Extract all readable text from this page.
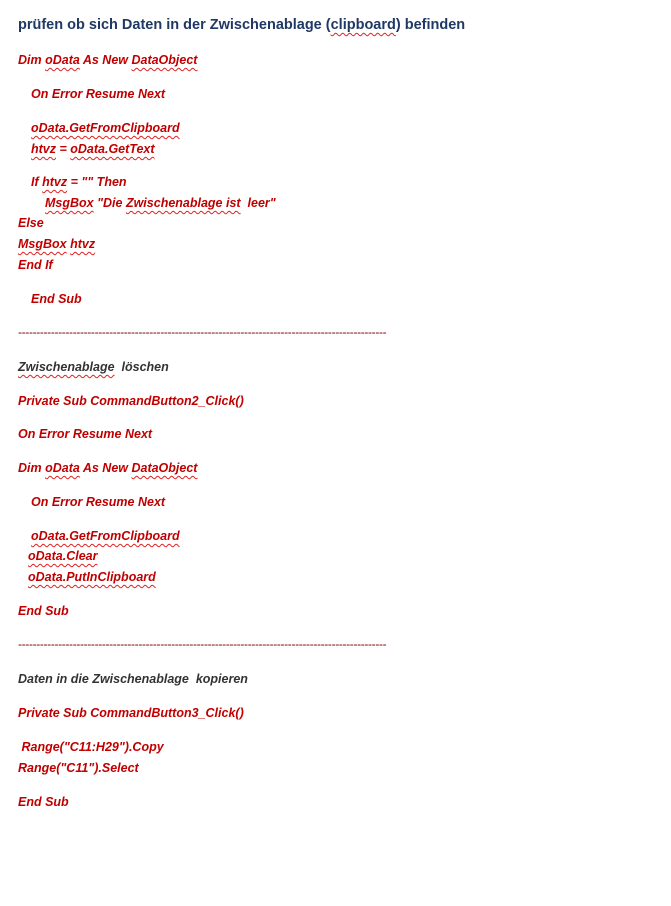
prüfen ob sich Daten in der Zwischenablage (clipboard) befinden
Dim oData As New DataObject
On Error Resume Next
oData.GetFromClipboard
htvz = oData.GetText
If htvz = "" Then
MsgBox "Die Zwischenablage ist  leer"
Else
MsgBox htvz
End If
End Sub
-----------------------------------------------------------------------------------------------------
Zwischenablage  löschen
Private Sub CommandButton2_Click()
On Error Resume Next
Dim oData As New DataObject
On Error Resume Next
oData.GetFromClipboard
oData.Clear
oData.PutInClipboard
End Sub
-----------------------------------------------------------------------------------------------------
Daten in die Zwischenablage  kopieren
Private Sub CommandButton3_Click()
Range("C11:H29").Copy
Range("C11").Select
End Sub
